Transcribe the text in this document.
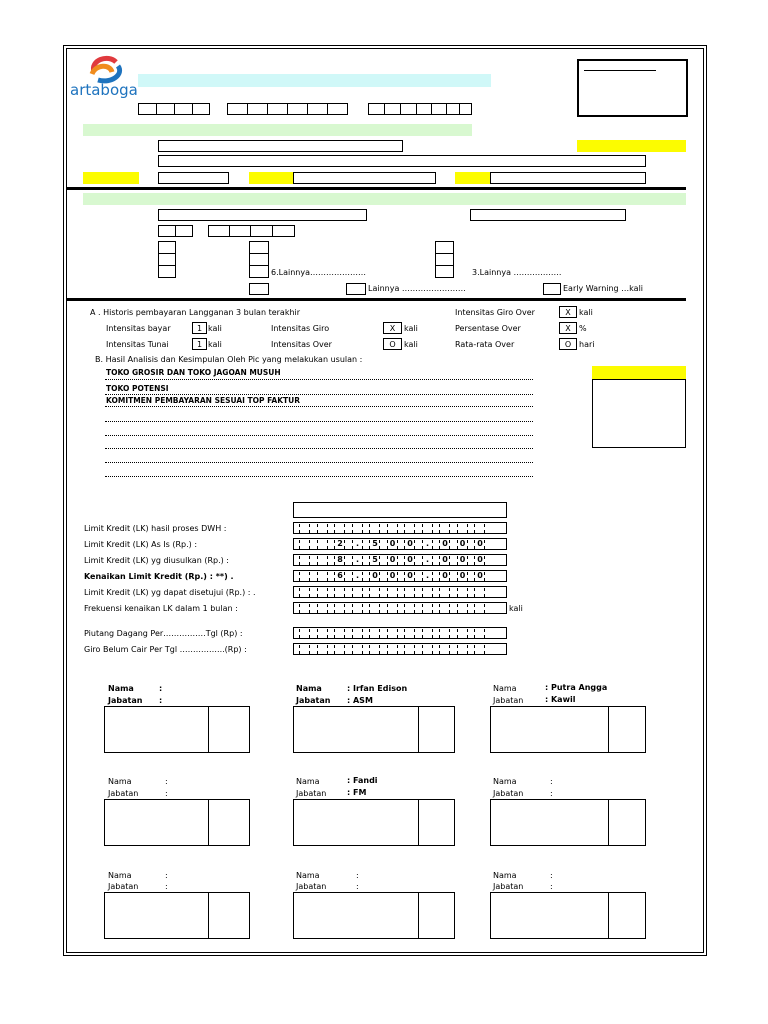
artaboga
6.Lainnya…………………	3.Lainnya ………………
Lainnya ……………………	Early Warning …kali
A . Historis pembayaran Langganan 3 bulan terakhir
Intensitas bayar	1 kali
Intensitas Tunai	1 kali
Intensitas Giro	X	kali
Intensitas Over	O	kali
Intensitas Giro Over	X	kali
Persentase Over	X	%
Rata-rata Over	O hari
B. Hasil Analisis dan Kesimpulan Oleh Pic yang melakukan usulan :
TOKO GROSIR DAN TOKO JAGOAN MUSUH
TOKO POTENSI
KOMITMEN PEMBAYARAN SESUAI TOP FAKTUR
Limit Kredit (LK) hasil proses DWH :
Limit Kredit (LK) As Is (Rp.) :	2	.	5 0 0	.	0 0 0
Limit Kredit (LK) yg diusulkan (Rp.) :	8	.	5 0 0	.	0 0 0
Kenaikan Limit Kredit (Rp.) : **) .	6	.	0 0 0	.	0 0 0
Limit Kredit (LK) yg dapat disetujui (Rp.) : .
Frekuensi kenaikan LK dalam 1 bulan :	kali
Piutang Dagang Per…………….Tgl (Rp) :
Giro Belum Cair Per Tgl ……………..(Rp) :
Nama	:
Jabatan :
Nama	: Irfan Edison
Jabatan : ASM
Nama	: Putra Angga
Jabatan	: Kawil
Nama	:
Jabatan	:
Nama	: Fandi
Jabatan	: FM
Nama	:
Jabatan	:
Nama	:
Jabatan	:
Nama	:
Jabatan	:
Nama	:
Jabatan	:
